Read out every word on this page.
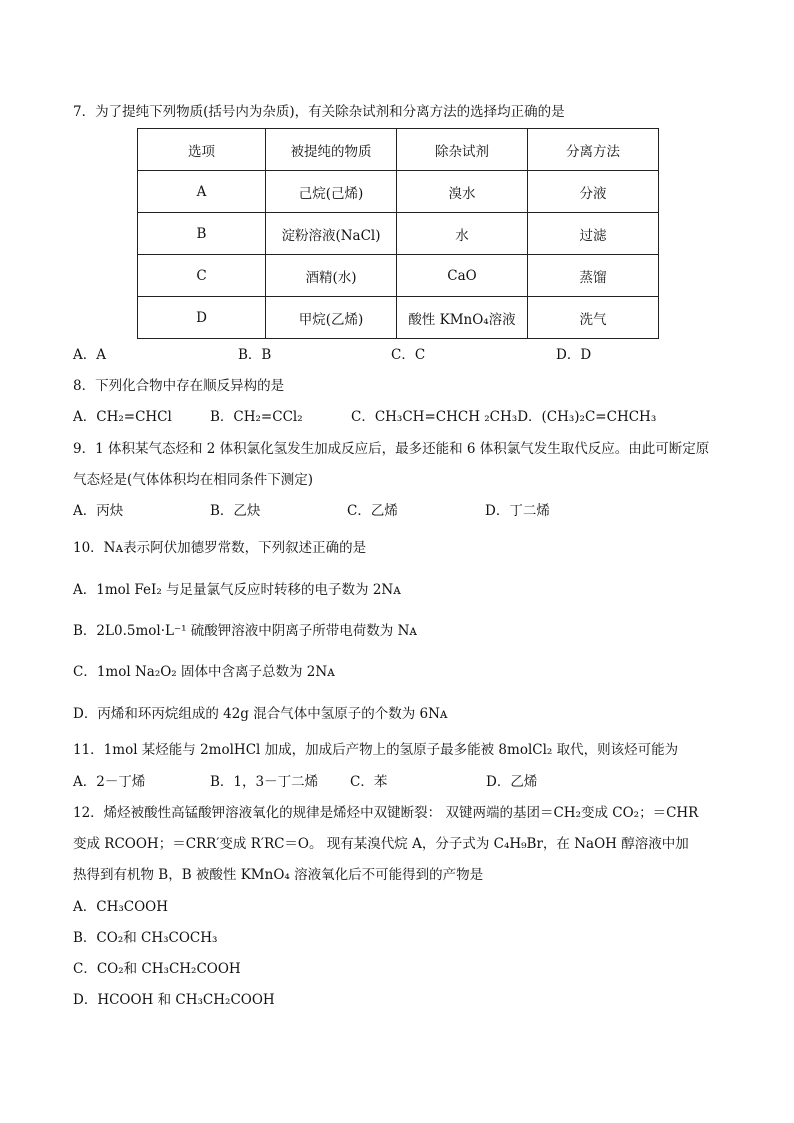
7．为了提纯下列物质(括号内为杂质)，有关除杂试剂和分离方法的选择均正确的是
选项	被提纯的物质	除杂试剂	分离方法
A	己烷(己烯)	溴水	分液
B	淀粉溶液(NaCl)	水	过滤
C	酒精(水)	CaO	蒸馏
D	甲烷(乙烯)	酸性 KMnO₄溶液	洗气
A．A	B．B	C．C	D．D
8．下列化合物中存在顺反异构的是
A．CH₂=CHCl	B．CH₂=CCl₂	C．CH₃CH=CHCH ₂CH₃D．(CH₃)₂C=CHCH₃
9．1 体积某气态烃和 2 体积氯化氢发生加成反应后，最多还能和 6 体积氯气发生取代反应。由此可断定原
气态烃是(气体体积均在相同条件下测定)
A．丙炔	B．乙炔	C．乙烯	D．丁二烯
10．Nᴀ表示阿伏加德罗常数，下列叙述正确的是
A．1mol FeI₂ 与足量氯气反应时转移的电子数为 2Nᴀ
B．2L0.5mol·L⁻¹ 硫酸钾溶液中阴离子所带电荷数为 Nᴀ
C．1mol Na₂O₂ 固体中含离子总数为 2Nᴀ
D．丙烯和环丙烷组成的 42g 混合气体中氢原子的个数为 6Nᴀ
11．1mol 某烃能与 2molHCl 加成，加成后产物上的氢原子最多能被 8molCl₂ 取代，则该烃可能为
A．2－丁烯	B．1，3－丁二烯 C．苯	D．乙烯
12．烯烃被酸性高锰酸钾溶液氧化的规律是烯烃中双键断裂： 双键两端的基团＝CH₂变成 CO₂；＝CHR
变成 RCOOH；＝CRR′变成 R′RC＝O。 现有某溴代烷 A，分子式为 C₄H₉Br，在 NaOH 醇溶液中加
热得到有机物 B，B 被酸性 KMnO₄ 溶液氧化后不可能得到的产物是
A．CH₃COOH
B．CO₂和 CH₃COCH₃
C．CO₂和 CH₃CH₂COOH
D．HCOOH 和 CH₃CH₂COOH
